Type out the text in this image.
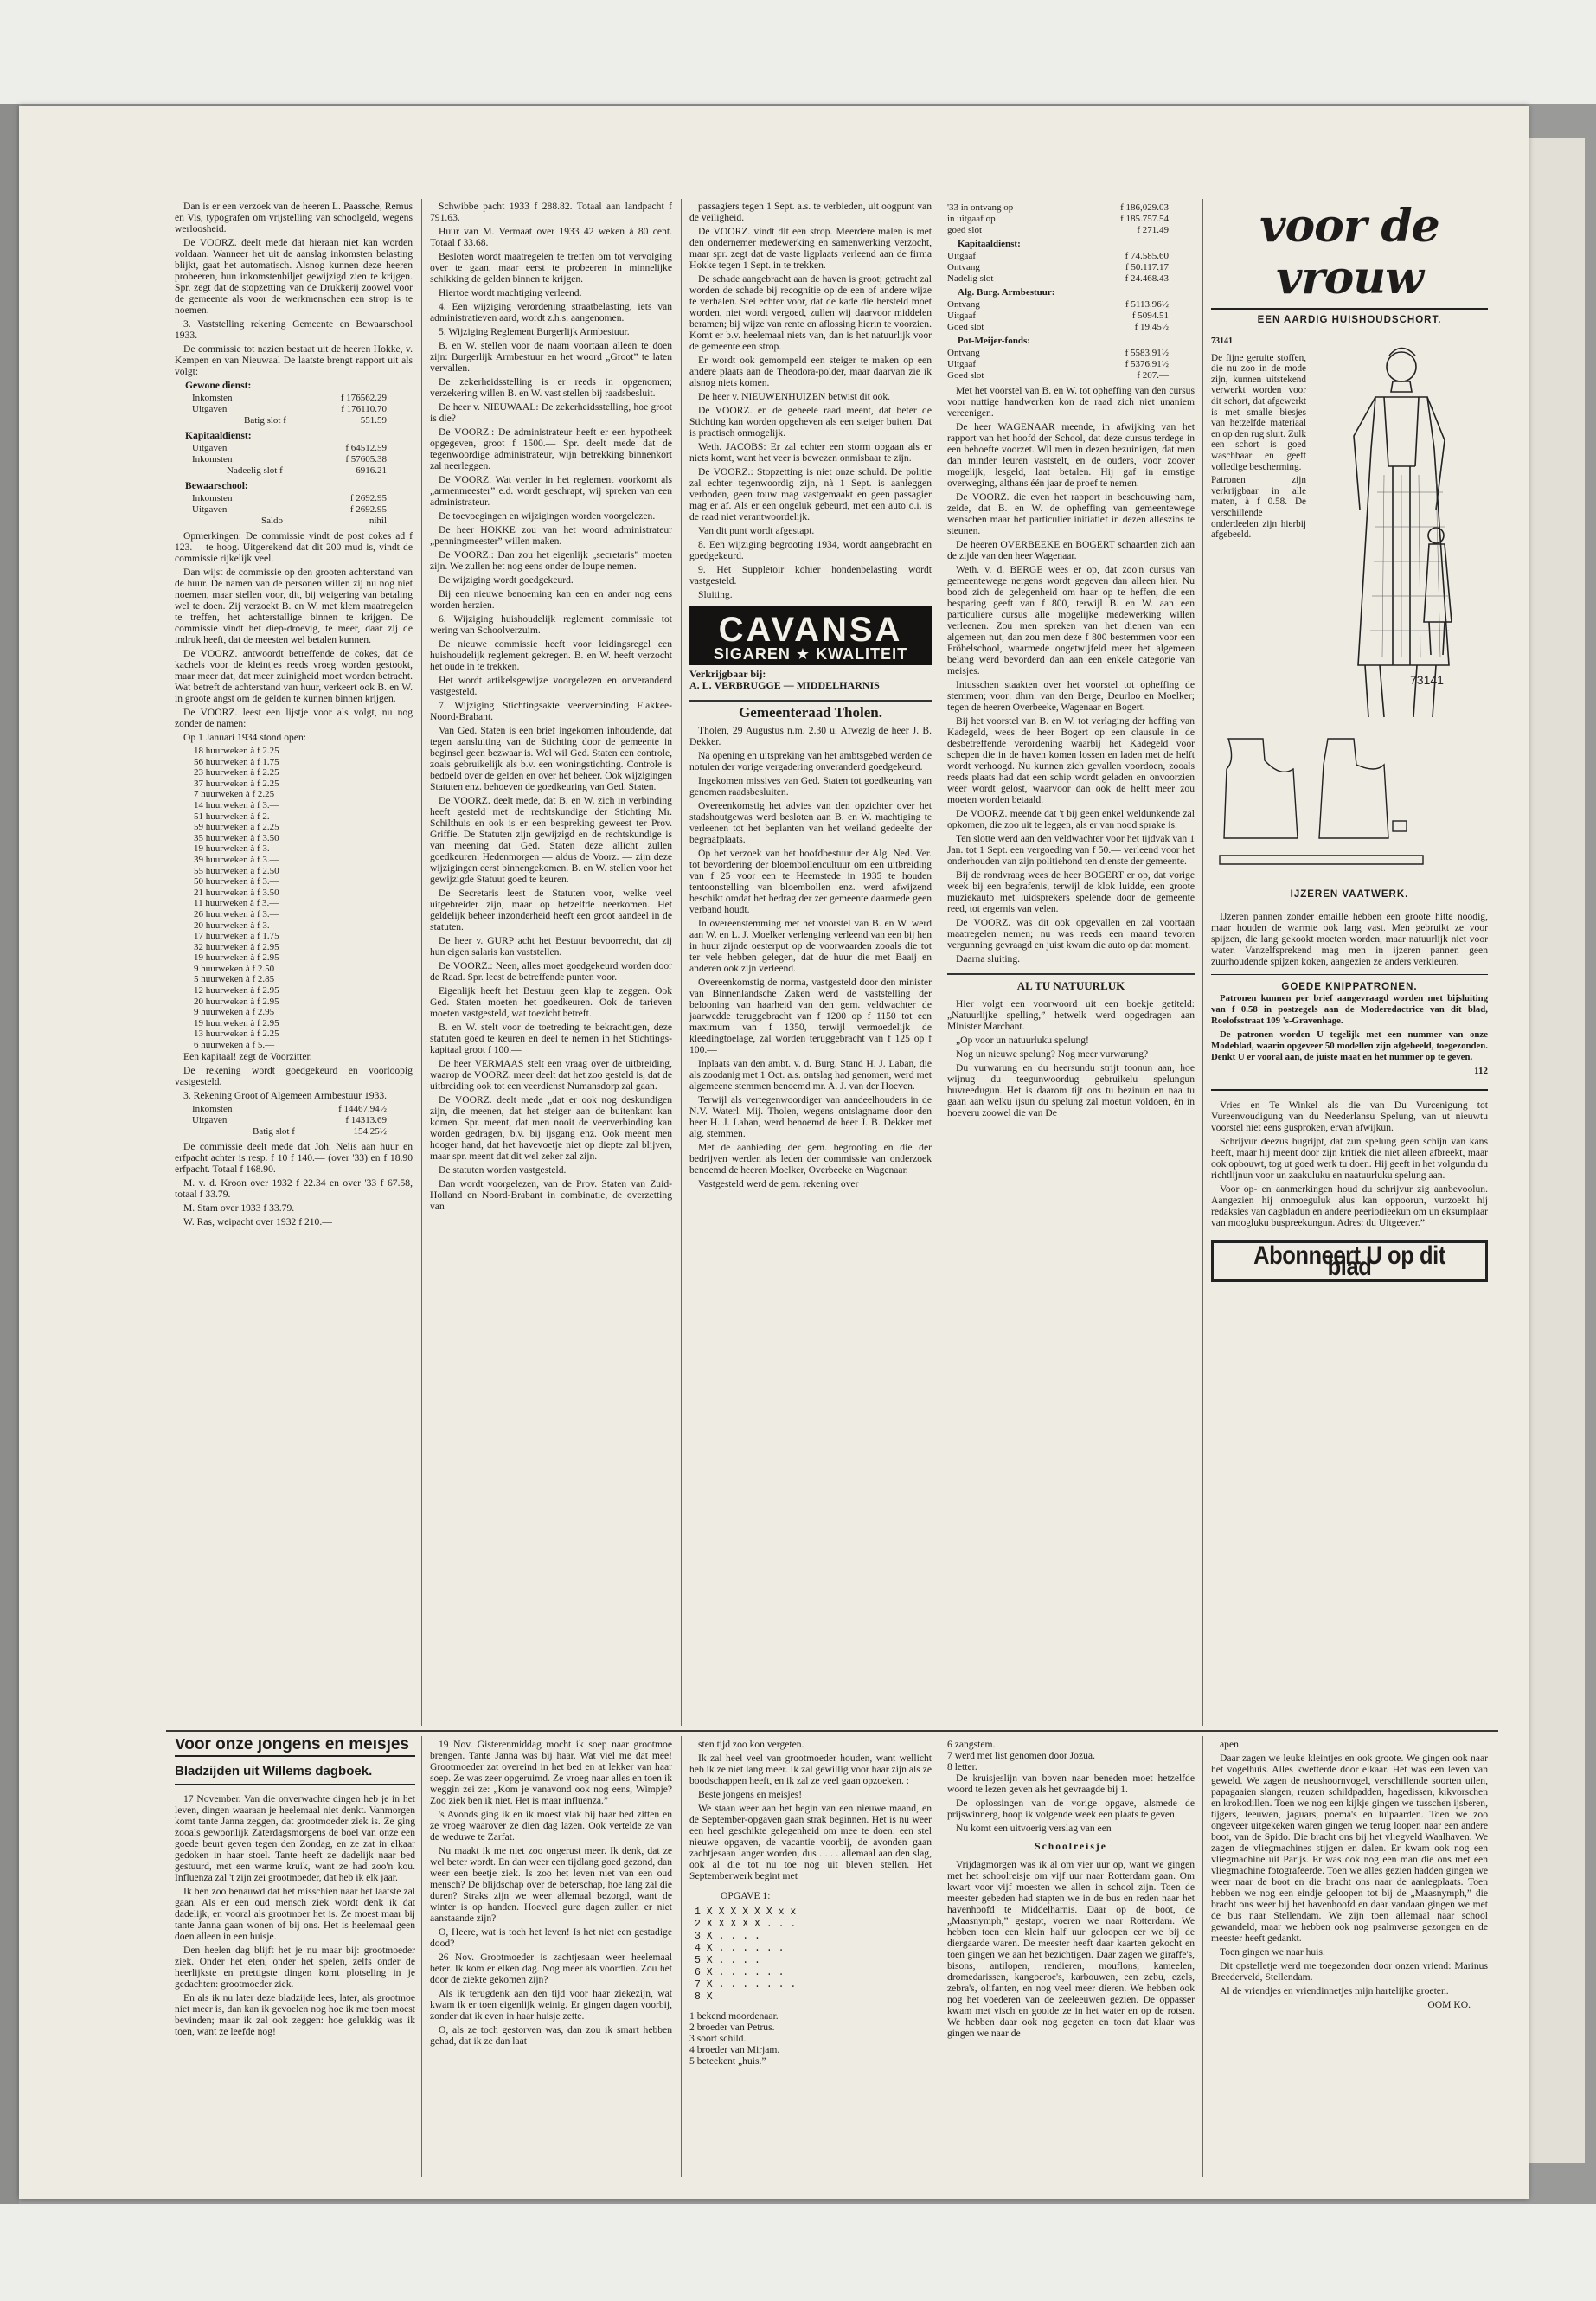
Dan is er een verzoek van de heeren L. Paassche, Remus en Vis, typografen om vrijstelling van schoolgeld, wegens werloosheid.

De VOORZ. deelt mede dat hieraan niet kan worden voldaan. Wanneer het uit de aanslag inkomsten belasting blijkt, gaat het automatisch. Alsnog kunnen deze heeren probeeren, hun inkomstenbiljet gewijzigd zien te krijgen. Spr. zegt dat de stopzetting van de Drukkerij zoowel voor de gemeente als voor de werkmenschen een strop is te noemen.

3. Vaststelling rekening Gemeente en Bewaarschool 1933.

De commissie tot nazien bestaat uit de heeren Hokke, v. Kempen en van Nieuwaal De laatste brengt rapport uit als volgt:

Gewone dienst:
Inkomsten	f 176562.29
Uitgaven	f 176110.70
Batig slot f	551.59
Kapitaaldienst:
Uitgaven	f 64512.59
Inkomsten	f 57605.38
Nadeelig slot f	6916.21
Bewaarschool:
Inkomsten	f 2692.95
Uitgaven	f 2692.95
Saldo	nihil

Opmerkingen: De commissie vindt de post cokes ad f 123.— te hoog. Uitgerekend dat dit 200 mud is, vindt de commissie rijkelijk veel.

Dan wijst de commissie op den grooten achterstand van de huur. De namen van de personen willen zij nu nog niet noemen, maar stellen voor, dit, bij weigering van betaling wel te doen. Zij verzoekt B. en W. met klem maatregelen te treffen, het achterstallige binnen te krijgen. De commissie vindt het diep-droevig, te meer, daar zij de indruk heeft, dat de meesten wel betalen kunnen.

De VOORZ. antwoordt betreffende de cokes, dat de kachels voor de kleintjes reeds vroeg worden gestookt, maar meer dat, dat meer zuinigheid moet worden betracht. Wat betreft de achterstand van huur, verkeert ook B. en W. in groote angst om de gelden te kunnen binnen krijgen.

De VOORZ. leest een lijstje voor als volgt, nu nog zonder de namen:

Op 1 Januari 1934 stond open:

18 huurweken à f 2.25
56 huurweken à f 1.75
23 huurweken à f 2.25
37 huurweken à f 2.25
7 huurweken à f 2.25
14 huurweken à f 3.—
51 huurweken à f 2.—
59 huurweken à f 2.25
35 huurweken à f 3.50
19 huurweken à f 3.—
39 huurweken à f 3.—
55 huurweken à f 2.50
50 huurweken à f 3.—
21 huurweken à f 3.50
11 huurweken à f 3.—
26 huurweken à f 3.—
20 huurweken à f 3.—
17 huurweken à f 1.75
32 huurweken à f 2.95
19 huurweken à f 2.95
9 huurweken à f 2.50
5 huurweken à f 2.85
12 huurweken à f 2.95
20 huurweken à f 2.95
9 huurweken à f 2.95
19 huurweken à f 2.95
13 huurweken à f 2.25
6 huurweken à f 5.—

Een kapitaal! zegt de Voorzitter.

De rekening wordt goedgekeurd en voorloopig vastgesteld.

3. Rekening Groot of Algemeen Armbestuur 1933.

Inkomsten	f 14467.94½
Uitgaven	f 14313.69
Batig slot f	154.25½

De commissie deelt mede dat Joh. Nelis aan huur en erfpacht achter is resp. f 10 f 140.— (over '33) en f 18.90 erfpacht. Totaal f 168.90.

M. v. d. Kroon over 1932 f 22.34 en over '33 f 67.58, totaal f 33.79.

M. Stam over 1933 f 33.79.

W. Ras, weipacht over 1932 f 210.—

Schwibbe pacht 1933 f 288.82. Totaal aan landpacht f 791.63.

Huur van M. Vermaat over 1933 42 weken à 80 cent. Totaal f 33.68.

Besloten wordt maatregelen te treffen om tot vervolging over te gaan, maar eerst te probeeren in minnelijke schikking de gelden binnen te krijgen.

Hiertoe wordt machtiging verleend.

4. Een wijziging verordening straatbelasting, iets van administratieven aard, wordt z.h.s. aangenomen.

5. Wijziging Reglement Burgerlijk Armbestuur.

B. en W. stellen voor de naam voortaan alleen te doen zijn: Burgerlijk Armbestuur en het woord „Groot” te laten vervallen.

De zekerheidsstelling is er reeds in opgenomen; verzekering willen B. en W. vast stellen bij raadsbesluit.

De heer v. NIEUWAAL: De zekerheidsstelling, hoe groot is die?

De VOORZ.: De administrateur heeft er een hypotheek opgegeven, groot f 1500.— Spr. deelt mede dat de tegenwoordige administrateur, wijn betrekking binnenkort zal neerleggen.

De VOORZ. Wat verder in het reglement voorkomt als „armenmeester” e.d. wordt geschrapt, wij spreken van een administrateur.

De toevoegingen en wijzigingen worden voorgelezen.

De heer HOKKE zou van het woord administrateur „penningmeester” willen maken.

De VOORZ.: Dan zou het eigenlijk „secretaris” moeten zijn. We zullen het nog eens onder de loupe nemen.

De wijziging wordt goedgekeurd.

Bij een nieuwe benoeming kan een en ander nog eens worden herzien.

6. Wijziging huishoudelijk reglement commissie tot wering van Schoolverzuim.

De nieuwe commissie heeft voor leidingsregel een huishoudelijk reglement gekregen. B. en W. heeft verzocht het oude in te trekken.

Het wordt artikelsgewijze voorgelezen en onveranderd vastgesteld.

7. Wijziging Stichtingsakte veerverbinding Flakkee-Noord-Brabant.

Van Ged. Staten is een brief ingekomen inhoudende, dat tegen aansluiting van de Stichting door de gemeente in beginsel geen bezwaar is. Wel wil Ged. Staten een controle, zoals gebruikelijk als b.v. een woningstichting. Controle is bedoeld over de gelden en over het beheer. Ook wijzigingen Statuten enz. behoeven de goedkeuring van Ged. Staten.

De VOORZ. deelt mede, dat B. en W. zich in verbinding heeft gesteld met de rechtskundige der Stichting Mr. Schilthuis en ook is er een bespreking geweest ter Prov. Griffie. De Statuten zijn gewijzigd en de rechtskundige is van meening dat Ged. Staten deze allicht zullen goedkeuren. Hedenmorgen — aldus de Voorz. — zijn deze wijzigingen eerst binnengekomen. B. en W. stellen voor het gewijzigde Statuut goed te keuren.

De Secretaris leest de Statuten voor, welke veel uitgebreider zijn, maar op hetzelfde neerkomen. Het geldelijk beheer inzonderheid heeft een groot aandeel in de statuten.

De heer v. GURP acht het Bestuur bevoorrecht, dat zij hun eigen salaris kan vaststellen.

De VOORZ.: Neen, alles moet goedgekeurd worden door de Raad. Spr. leest de betreffende punten voor.

Eigenlijk heeft het Bestuur geen klap te zeggen. Ook Ged. Staten moeten het goedkeuren. Ook de tarieven moeten vastgesteld, wat toezicht betreft.

B. en W. stelt voor de toetreding te bekrachtigen, deze statuten goed te keuren en deel te nemen in het Stichtings-kapitaal groot f 100.—

De heer VERMAAS stelt een vraag over de uitbreiding, waarop de VOORZ. meer deelt dat het zoo gesteld is, dat de uitbreiding ook tot een veerdienst Numansdorp zal gaan.

De VOORZ. deelt mede „dat er ook nog deskundigen zijn, die meenen, dat het steiger aan de buitenkant kan komen. Spr. meent, dat men nooit de veerverbinding kan worden gedragen, b.v. bij ijsgang enz. Ook meent men hooger hand, dat het havevoetje niet op diepte zal blijven, maar spr. meent dat dit wel zeker zal zijn.

De statuten worden vastgesteld.

Dan wordt voorgelezen, van de Prov. Staten van Zuid-Holland en Noord-Brabant in combinatie, de overzetting van

passagiers tegen 1 Sept. a.s. te verbieden, uit oogpunt van de veiligheid.

De VOORZ. vindt dit een strop. Meerdere malen is met den ondernemer medewerking en samenwerking verzocht, maar spr. zegt dat de vaste ligplaats verleend aan de firma Hokke tegen 1 Sept. in te trekken.

De schade aangebracht aan de haven is groot; getracht zal worden de schade bij recognitie op de een of andere wijze te verhalen. Stel echter voor, dat de kade die hersteld moet worden, niet wordt vergoed, zullen wij daarvoor middelen beramen; bij wijze van rente en aflossing hierin te voorzien. Komt er b.v. heelemaal niets van, dan is het natuurlijk voor de gemeente een strop.

Er wordt ook gemompeld een steiger te maken op een andere plaats aan de Theodora-polder, maar daarvan zie ik alsnog niets komen.

De heer v. NIEUWENHUIZEN betwist dit ook.

De VOORZ. en de geheele raad meent, dat beter de Stichting kan worden opgeheven als een steiger buiten. Dat is practisch onmogelijk.

Weth. JACOBS: Er zal echter een storm opgaan als er niets komt, want het veer is bewezen onmisbaar te zijn.

De VOORZ.: Stopzetting is niet onze schuld. De politie zal echter tegenwoordig zijn, nà 1 Sept. is aanleggen verboden, geen touw mag vastgemaakt en geen passagier mag er af. Als er een ongeluk gebeurd, met een auto o.i. is de raad niet verantwoordelijk.

Van dit punt wordt afgestapt.

8. Een wijziging begrooting 1934, wordt aangebracht en goedgekeurd.

9. Het Suppletoir kohier hondenbelasting wordt vastgesteld.

Sluiting.

CAVANSA
SIGAREN ★ KWALITEIT
Verkrijgbaar bij:
A. L. VERBRUGGE — MIDDELHARNIS
Gemeenteraad Tholen.

Tholen, 29 Augustus n.m. 2.30 u. Afwezig de heer J. B. Dekker.

Na opening en uitspreking van het ambtsgebed werden de notulen der vorige vergadering onveranderd goedgekeurd.

Ingekomen missives van Ged. Staten tot goedkeuring van genomen raadsbesluiten.

Overeenkomstig het advies van den opzichter over het stadshoutgewas werd besloten aan B. en W. machtiging te verleenen tot het beplanten van het weiland gedeelte der begraafplaats.

Op het verzoek van het hoofdbestuur der Alg. Ned. Ver. tot bevordering der bloembollencultuur om een uitbreiding van f 25 voor een te Heemstede in 1935 te houden tentoonstelling van bloembollen enz. werd afwijzend beschikt omdat het bedrag der zer gemeente daarmede geen verband houdt.

In overeenstemming met het voorstel van B. en W. werd aan W. en L. J. Moelker verlenging verleend van een bij hen in huur zijnde oesterput op de voorwaarden zooals die tot ter vele hebben gelegen, dat de huur die met Baaij en anderen ook zijn verleend.

Overeenkomstig de norma, vastgesteld door den minister van Binnenlandsche Zaken werd de vaststelling der belooning van haarheid van den gem. veldwachter de jaarwedde teruggebracht van f 1200 op f 1150 tot een maximum van f 1350, terwijl vermoedelijk de kleedingtoelage, zal worden teruggebracht van f 125 op f 100.—

Inplaats van den ambt. v. d. Burg. Stand H. J. Laban, die als zoodanig met 1 Oct. a.s. ontslag had genomen, werd met algemeene stemmen benoemd mr. A. J. van der Hoeven.

Terwijl als vertegenwoordiger van aandeelhouders in de N.V. Waterl. Mij. Tholen, wegens ontslagname door den heer H. J. Laban, werd benoemd de heer J. B. Dekker met alg. stemmen.

Met de aanbieding der gem. begrooting en die der bedrijven werden als leden der commissie van onderzoek benoemd de heeren Moelker, Overbeeke en Wagenaar.

Vastgesteld werd de gem. rekening over

'33 in ontvang op	f 186,029.03
in uitgaaf op	f 185.757.54
goed slot	f 271.49
Kapitaaldienst:
Uitgaaf	f 74.585.60
Ontvang	f 50.117.17
Nadelig slot	f 24.468.43
Alg. Burg. Armbestuur:
Ontvang	f 5113.96½
Uitgaaf	f 5094.51
Goed slot	f 19.45½
Pot-Meijer-fonds:
Ontvang	f 5583.91½
Uitgaaf	f 5376.91½
Goed slot	f 207.—

Met het voorstel van B. en W. tot opheffing van den cursus voor nuttige handwerken kon de raad zich niet unaniem vereenigen.

De heer WAGENAAR meende, in afwijking van het rapport van het hoofd der School, dat deze cursus terdege in een behoefte voorzet. Wil men in dezen bezuinigen, dat men dan minder leuren vaststelt, en de ouders, voor zoover mogelijk, lesgeld, laat betalen. Hij gaf in ernstige overweging, althans één jaar de proef te nemen.

De VOORZ. die even het rapport in beschouwing nam, zeide, dat B. en W. de opheffing van gemeentewege wenschen maar het particulier initiatief in dezen alleszins te steunen.

De heeren OVERBEEKE en BOGERT schaarden zich aan de zijde van den heer Wagenaar.

Weth. v. d. BERGE wees er op, dat zoo'n cursus van gemeentewege nergens wordt gegeven dan alleen hier. Nu bood zich de gelegenheid om haar op te heffen, die een besparing geeft van f 800, terwijl B. en W. aan een particuliere cursus alle mogelijke medewerking willen verleenen. Zou men spreken van het dienen van een algemeen nut, dan zou men deze f 800 bestemmen voor een Fröbelschool, waarmede ongetwijfeld meer het algemeen belang werd bevorderd dan aan een enkele categorie van meisjes.

Intusschen staakten over het voorstel tot opheffing de stemmen; voor: dhrn. van den Berge, Deurloo en Moelker; tegen de heeren Overbeeke, Wagenaar en Bogert.

Bij het voorstel van B. en W. tot verlaging der heffing van Kadegeld, wees de heer Bogert op een clausule in de desbetreffende verordening waarbij het Kadegeld voor schepen die in de haven komen lossen en laden met de helft wordt verhoogd. Nu kunnen zich gevallen voordoen, zooals reeds plaats had dat een schip wordt geladen en onvoorzien weer wordt gelost, waarvoor dan ook de helft meer zou moeten worden betaald.

De VOORZ. meende dat 't bij geen enkel weldunkende zal opkomen, die zoo uit te leggen, als er van nood sprake is.

Ten slotte werd aan den veldwachter voor het tijdvak van 1 Jan. tot 1 Sept. een vergoeding van f 50.— verleend voor het onderhouden van zijn politiehond ten dienste der gemeente.

Bij de rondvraag wees de heer BOGERT er op, dat vorige week bij een begrafenis, terwijl de klok luidde, een groote muziekauto met luidsprekers spelende door de gemeente reed, tot ergernis van velen.

De VOORZ. was dit ook opgevallen en zal voortaan maatregelen nemen; nu was reeds een maand tevoren vergunning gevraagd en juist kwam die auto op dat moment.

Daarna sluiting.

AL TU NATUURLUK

Hier volgt een voorwoord uit een boekje getiteld: „Natuurlijke spelling,” hetwelk werd opgedragen aan Minister Marchant.

„Op voor un natuurluku spelung!

Nog un nieuwe spelung? Nog meer vurwarung?

Du vurwarung en du heersundu strijt toonun aan, hoe wijnug du teegunwoordug gebruikelu spelungun buvreedugun. Het is daarom tijt ons tu bezinun en naa tu gaan aan welku ijsun du spelung zal moetun voldoen, ên in hoeveru zoowel die van De

voor de vrouw
EEN AARDIG HUISHOUDSCHORT.
73141

De fijne geruite stoffen, die nu zoo in de mode zijn, kunnen uitstekend verwerkt worden voor dit schort, dat afgewerkt is met smalle biesjes van hetzelfde materiaal en op den rug sluit. Zulk een schort is goed waschbaar en geeft volledige bescherming.

Patronen zijn verkrijgbaar in alle maten, à f 0.58. De verschillende onderdeelen zijn hierbij afgebeeld.

73141
IJZEREN VAATWERK.

IJzeren pannen zonder emaille hebben een groote hitte noodig, maar houden de warmte ook lang vast. Men gebruikt ze voor spijzen, die lang gekookt moeten worden, maar natuurlijk niet voor water. Vanzelfsprekend mag men in ijzeren pannen geen zuurhoudende spijzen koken, aangezien ze anders verkleuren.

GOEDE KNIPPATRONEN.

Patronen kunnen per brief aangevraagd worden met bijsluiting van f 0.58 in postzegels aan de Moderedactrice van dit blad, Roelofsstraat 109 's-Gravenhage.

De patronen worden U tegelijk met een nummer van onze Modeblad, waarin opgeveer 50 modellen zijn afgebeeld, toegezonden. Denkt U er vooral aan, de juiste maat en het nummer op te geven.

112

Vries en Te Winkel als die van Du Vurcenigung tot Vureenvoudigung van du Neederlansu Spelung, van ut nieuwtu voorstel niet eens gusproken, ervan afwijkun.

Schrijvur deezus bugrijpt, dat zun spelung geen schijn van kans heeft, maar hij meent door zijn kritiek die niet alleen afbreekt, maar ook opbouwt, tog ut goed werk tu doen. Hij geeft in het volgundu du richtlijnun voor un zaakuluku en naatuurluku spelung aan.

Voor op- en aanmerkingen houd du schrijvur zig aanbevoolun. Aangezien hij onmoeguluk alus kan oppoorun, vurzoekt hij redaksies van dagbladun en andere peeriodieekun om un eksumplaar van moogluku buspreekungun. Adres: du Uitgeever.”

Abonneert U op dit blad
Voor onze jongens en meisjes
Bladzijden uit Willems dagboek.

17 November. Van die onverwachte dingen heb je in het leven, dingen waaraan je heelemaal niet denkt. Vanmorgen komt tante Janna zeggen, dat grootmoeder ziek is. Ze ging zooals gewoonlijk Zaterdagsmorgens de boel van onze een goede beurt geven tegen den Zondag, en ze zat in elkaar gedoken in haar stoel. Tante heeft ze dadelijk naar bed gestuurd, met een warme kruik, want ze had zoo'n kou. Influenza zal 't zijn zei grootmoeder, dat heb ik elk jaar.

Ik ben zoo benauwd dat het misschien naar het laatste zal gaan. Als er een oud mensch ziek wordt denk ik dat dadelijk, en vooral als grootmoer het is. Ze moest maar bij tante Janna gaan wonen of bij ons. Het is heelemaal geen doen alleen in een huisje.

Den heelen dag blijft het je nu maar bij: grootmoeder ziek. Onder het eten, onder het spelen, zelfs onder de heerlijkste en prettigste dingen komt plotseling in je gedachten: grootmoeder ziek.

En als ik nu later deze bladzijde lees, later, als grootmoe niet meer is, dan kan ik gevoelen nog hoe ik me toen moest bevinden; maar ik zal ook zeggen: hoe gelukkig was ik toen, want ze leefde nog!

19 Nov. Gisterenmiddag mocht ik soep naar grootmoe brengen. Tante Janna was bij haar. Wat viel me dat mee! Grootmoeder zat overeind in het bed en at lekker van haar soep. Ze was zeer opgeruimd. Ze vroeg naar alles en toen ik weggin zei ze: „Kom je vanavond ook nog eens, Wimpje? Zoo ziek ben ik niet. Het is maar influenza.”

's Avonds ging ik en ik moest vlak bij haar bed zitten en ze vroeg waarover ze dien dag lazen. Ook vertelde ze van de weduwe te Zarfat.

Nu maakt ik me niet zoo ongerust meer. Ik denk, dat ze wel beter wordt. En dan weer een tijdlang goed gezond, dan weer een beetje ziek. Is zoo het leven niet van een oud mensch? De blijdschap over de beterschap, hoe lang zal die duren? Straks zijn we weer allemaal bezorgd, want de winter is op handen. Hoeveel gure dagen zullen er niet aanstaande zijn?

O, Heere, wat is toch het leven! Is het niet een gestadige dood?

26 Nov. Grootmoeder is zachtjesaan weer heelemaal beter. Ik kom er elken dag. Nog meer als voordien. Zou het door de ziekte gekomen zijn?

Als ik terugdenk aan den tijd voor haar ziekezijn, wat kwam ik er toen eigenlijk weinig. Er gingen dagen voorbij, zonder dat ik even in haar huisje zette.

O, als ze toch gestorven was, dan zou ik smart hebben gehad, dat ik ze dan laat

sten tijd zoo kon vergeten.

Ik zal heel veel van grootmoeder houden, want wellicht heb ik ze niet lang meer. Ik zal gewillig voor haar zijn als ze boodschappen heeft, en ik zal ze veel gaan opzoeken. :

Beste jongens en meisjes!

We staan weer aan het begin van een nieuwe maand, en de September-opgaven gaan strak beginnen. Het is nu weer een heel geschikte gelegenheid om mee te doen: een stel nieuwe opgaven, de vacantie voorbij, de avonden gaan zachtjesaan langer worden, dus . . . . allemaal aan den slag, ook al die tot nu toe nog uit bleven stellen. Het Septemberwerk begint met

OPGAVE 1:
1 X X X X X X x x
2 X X X X X . . .
3 X . . . .
4 X . . . . . .
5 X . . . .
6 X . . . . . .
7 X . . . . . . .
8 X
1 bekend moordenaar.
2 broeder van Petrus.
3 soort schild.
4 broeder van Mirjam.
5 beteekent „huis.”
6 zangstem.
7 werd met list genomen door Jozua.
8 letter.

De kruisjeslijn van boven naar beneden moet hetzelfde woord te lezen geven als het gevraagde bij 1.

De oplossingen van de vorige opgave, alsmede de prijswinnerg, hoop ik volgende week een plaats te geven.

Nu komt een uitvoerig verslag van een

Schoolreisje

Vrijdagmorgen was ik al om vier uur op, want we gingen met het schoolreisje om vijf uur naar Rotterdam gaan. Om kwart voor vijf moesten we allen in school zijn. Toen de meester gebeden had stapten we in de bus en reden naar het havenhoofd te Middelharnis. Daar op de boot, de „Maasnymph,” gestapt, voeren we naar Rotterdam. We hebben toen een klein half uur geloopen eer we bij de diergaarde waren. De meester heeft daar kaarten gekocht en toen gingen we aan het bezichtigen. Daar zagen we giraffe's, bisons, antilopen, rendieren, mouflons, kameelen, dromedarissen, kangoeroe's, karbouwen, een zebu, ezels, zebra's, olifanten, en nog veel meer dieren. We hebben ook nog het voederen van de zeeleeuwen gezien. De oppasser kwam met visch en gooide ze in het water en op de rotsen. We hebben daar ook nog gegeten en toen dat klaar was gingen we naar de

apen.

Daar zagen we leuke kleintjes en ook groote. We gingen ook naar het vogelhuis. Alles kwetterde door elkaar. Het was een leven van geweld. We zagen de neushoornvogel, verschillende soorten uilen, papagaaien slangen, reuzen schildpadden, hagedissen, kikvorschen en krokodillen. Toen we nog een kijkje gingen we tusschen ijsberen, tijgers, leeuwen, jaguars, poema's en luipaarden. Toen we zoo ongeveer uitgekeken waren gingen we terug loopen naar een andere boot, van de Spido. Die bracht ons bij het vliegveld Waalhaven. We zagen de vliegmachines stijgen en dalen. Er kwam ook nog een vliegmachine uit Parijs. Er was ook nog een man die ons met een vliegmachine fotografeerde. Toen we alles gezien hadden gingen we weer naar de boot en die bracht ons naar de aanlegplaats. Toen hebben we nog een eindje geloopen tot bij de „Maasnymph,” die bracht ons weer bij het havenhoofd en daar vandaan gingen we met de bus naar Stellendam. We zijn toen allemaal naar school gewandeld, maar we hebben ook nog psalmverse gezongen en de meester heeft gedankt.

Toen gingen we naar huis.

Dit opstelletje werd me toegezonden door onzen vriend: Marinus Breederveld, Stellendam.

Al de vriendjes en vriendinnetjes mijn hartelijke groeten.

OOM KO.
